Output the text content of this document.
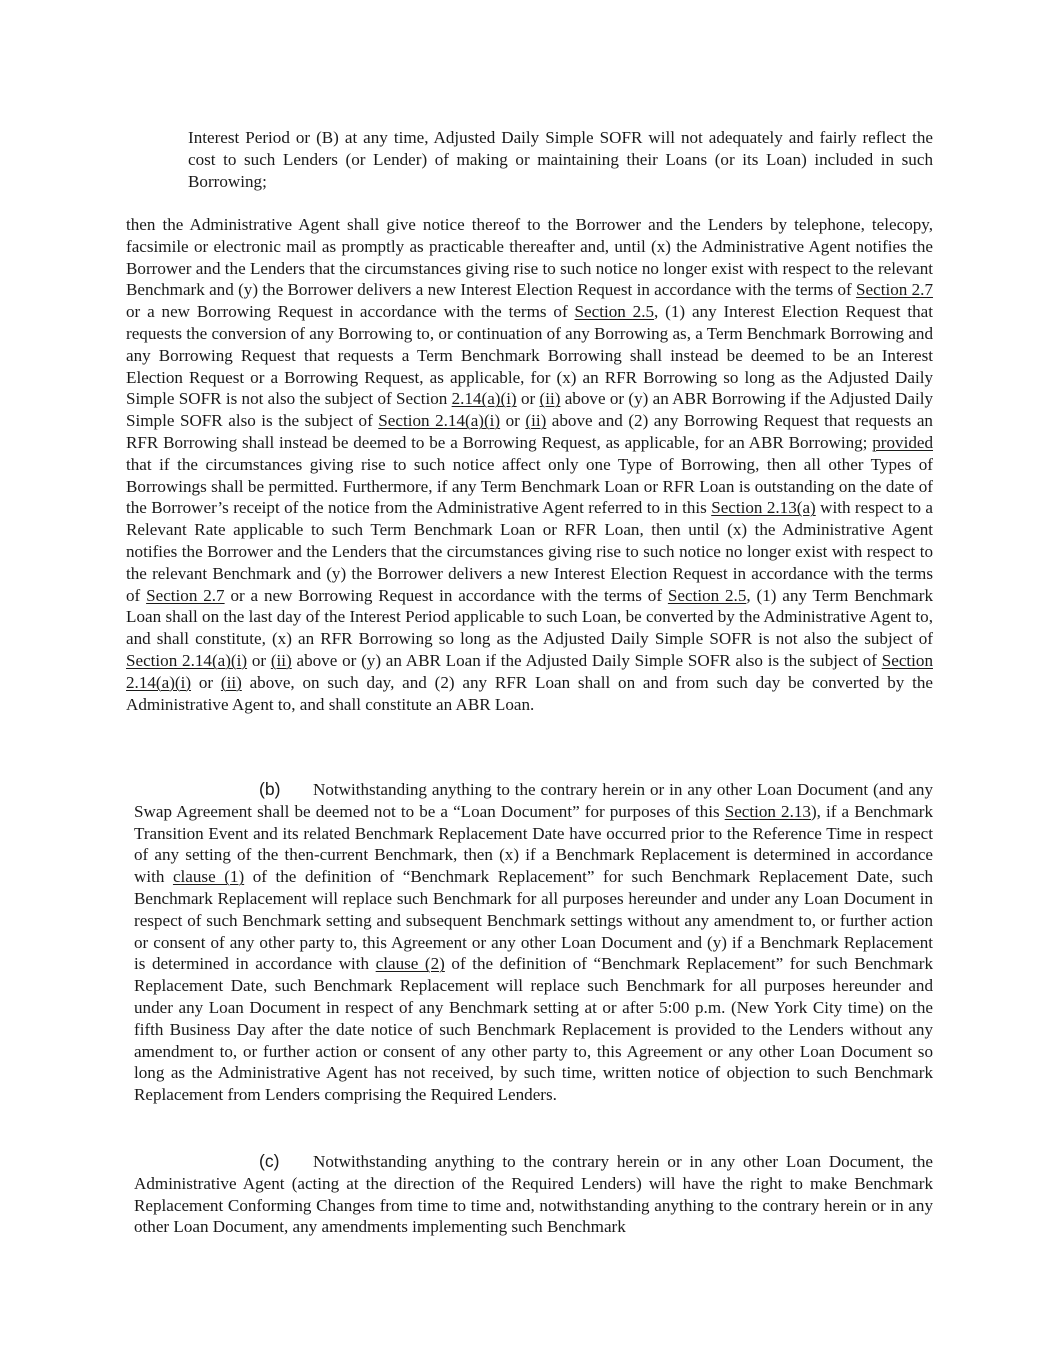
Interest Period or (B) at any time, Adjusted Daily Simple SOFR will not adequately and fairly reflect the cost to such Lenders (or Lender) of making or maintaining their Loans (or its Loan) included in such Borrowing;

then the Administrative Agent shall give notice thereof to the Borrower and the Lenders by telephone, telecopy, facsimile or electronic mail as promptly as practicable thereafter and, until (x) the Administrative Agent notifies the Borrower and the Lenders that the circumstances giving rise to such notice no longer exist with respect to the relevant Benchmark and (y) the Borrower delivers a new Interest Election Request in accordance with the terms of Section 2.7 or a new Borrowing Request in accordance with the terms of Section 2.5, (1) any Interest Election Request that requests the conversion of any Borrowing to, or continuation of any Borrowing as, a Term Benchmark Borrowing and any Borrowing Request that requests a Term Benchmark Borrowing shall instead be deemed to be an Interest Election Request or a Borrowing Request, as applicable, for (x) an RFR Borrowing so long as the Adjusted Daily Simple SOFR is not also the subject of Section 2.14(a)(i) or (ii) above or (y) an ABR Borrowing if the Adjusted Daily Simple SOFR also is the subject of Section 2.14(a)(i) or (ii) above and (2) any Borrowing Request that requests an RFR Borrowing shall instead be deemed to be a Borrowing Request, as applicable, for an ABR Borrowing; provided that if the circumstances giving rise to such notice affect only one Type of Borrowing, then all other Types of Borrowings shall be permitted. Furthermore, if any Term Benchmark Loan or RFR Loan is outstanding on the date of the Borrower’s receipt of the notice from the Administrative Agent referred to in this Section 2.13(a) with respect to a Relevant Rate applicable to such Term Benchmark Loan or RFR Loan, then until (x) the Administrative Agent notifies the Borrower and the Lenders that the circumstances giving rise to such notice no longer exist with respect to the relevant Benchmark and (y) the Borrower delivers a new Interest Election Request in accordance with the terms of Section 2.7 or a new Borrowing Request in accordance with the terms of Section 2.5, (1) any Term Benchmark Loan shall on the last day of the Interest Period applicable to such Loan, be converted by the Administrative Agent to, and shall constitute, (x) an RFR Borrowing so long as the Adjusted Daily Simple SOFR is not also the subject of Section 2.14(a)(i) or (ii) above or (y) an ABR Loan if the Adjusted Daily Simple SOFR also is the subject of Section 2.14(a)(i) or (ii) above, on such day, and (2) any RFR Loan shall on and from such day be converted by the Administrative Agent to, and shall constitute an ABR Loan.

(b) Notwithstanding anything to the contrary herein or in any other Loan Document (and any Swap Agreement shall be deemed not to be a “Loan Document” for purposes of this Section 2.13), if a Benchmark Transition Event and its related Benchmark Replacement Date have occurred prior to the Reference Time in respect of any setting of the then-current Benchmark, then (x) if a Benchmark Replacement is determined in accordance with clause (1) of the definition of “Benchmark Replacement” for such Benchmark Replacement Date, such Benchmark Replacement will replace such Benchmark for all purposes hereunder and under any Loan Document in respect of such Benchmark setting and subsequent Benchmark settings without any amendment to, or further action or consent of any other party to, this Agreement or any other Loan Document and (y) if a Benchmark Replacement is determined in accordance with clause (2) of the definition of “Benchmark Replacement” for such Benchmark Replacement Date, such Benchmark Replacement will replace such Benchmark for all purposes hereunder and under any Loan Document in respect of any Benchmark setting at or after 5:00 p.m. (New York City time) on the fifth Business Day after the date notice of such Benchmark Replacement is provided to the Lenders without any amendment to, or further action or consent of any other party to, this Agreement or any other Loan Document so long as the Administrative Agent has not received, by such time, written notice of objection to such Benchmark Replacement from Lenders comprising the Required Lenders.

(c) Notwithstanding anything to the contrary herein or in any other Loan Document, the Administrative Agent (acting at the direction of the Required Lenders) will have the right to make Benchmark Replacement Conforming Changes from time to time and, notwithstanding anything to the contrary herein or in any other Loan Document, any amendments implementing such Benchmark
